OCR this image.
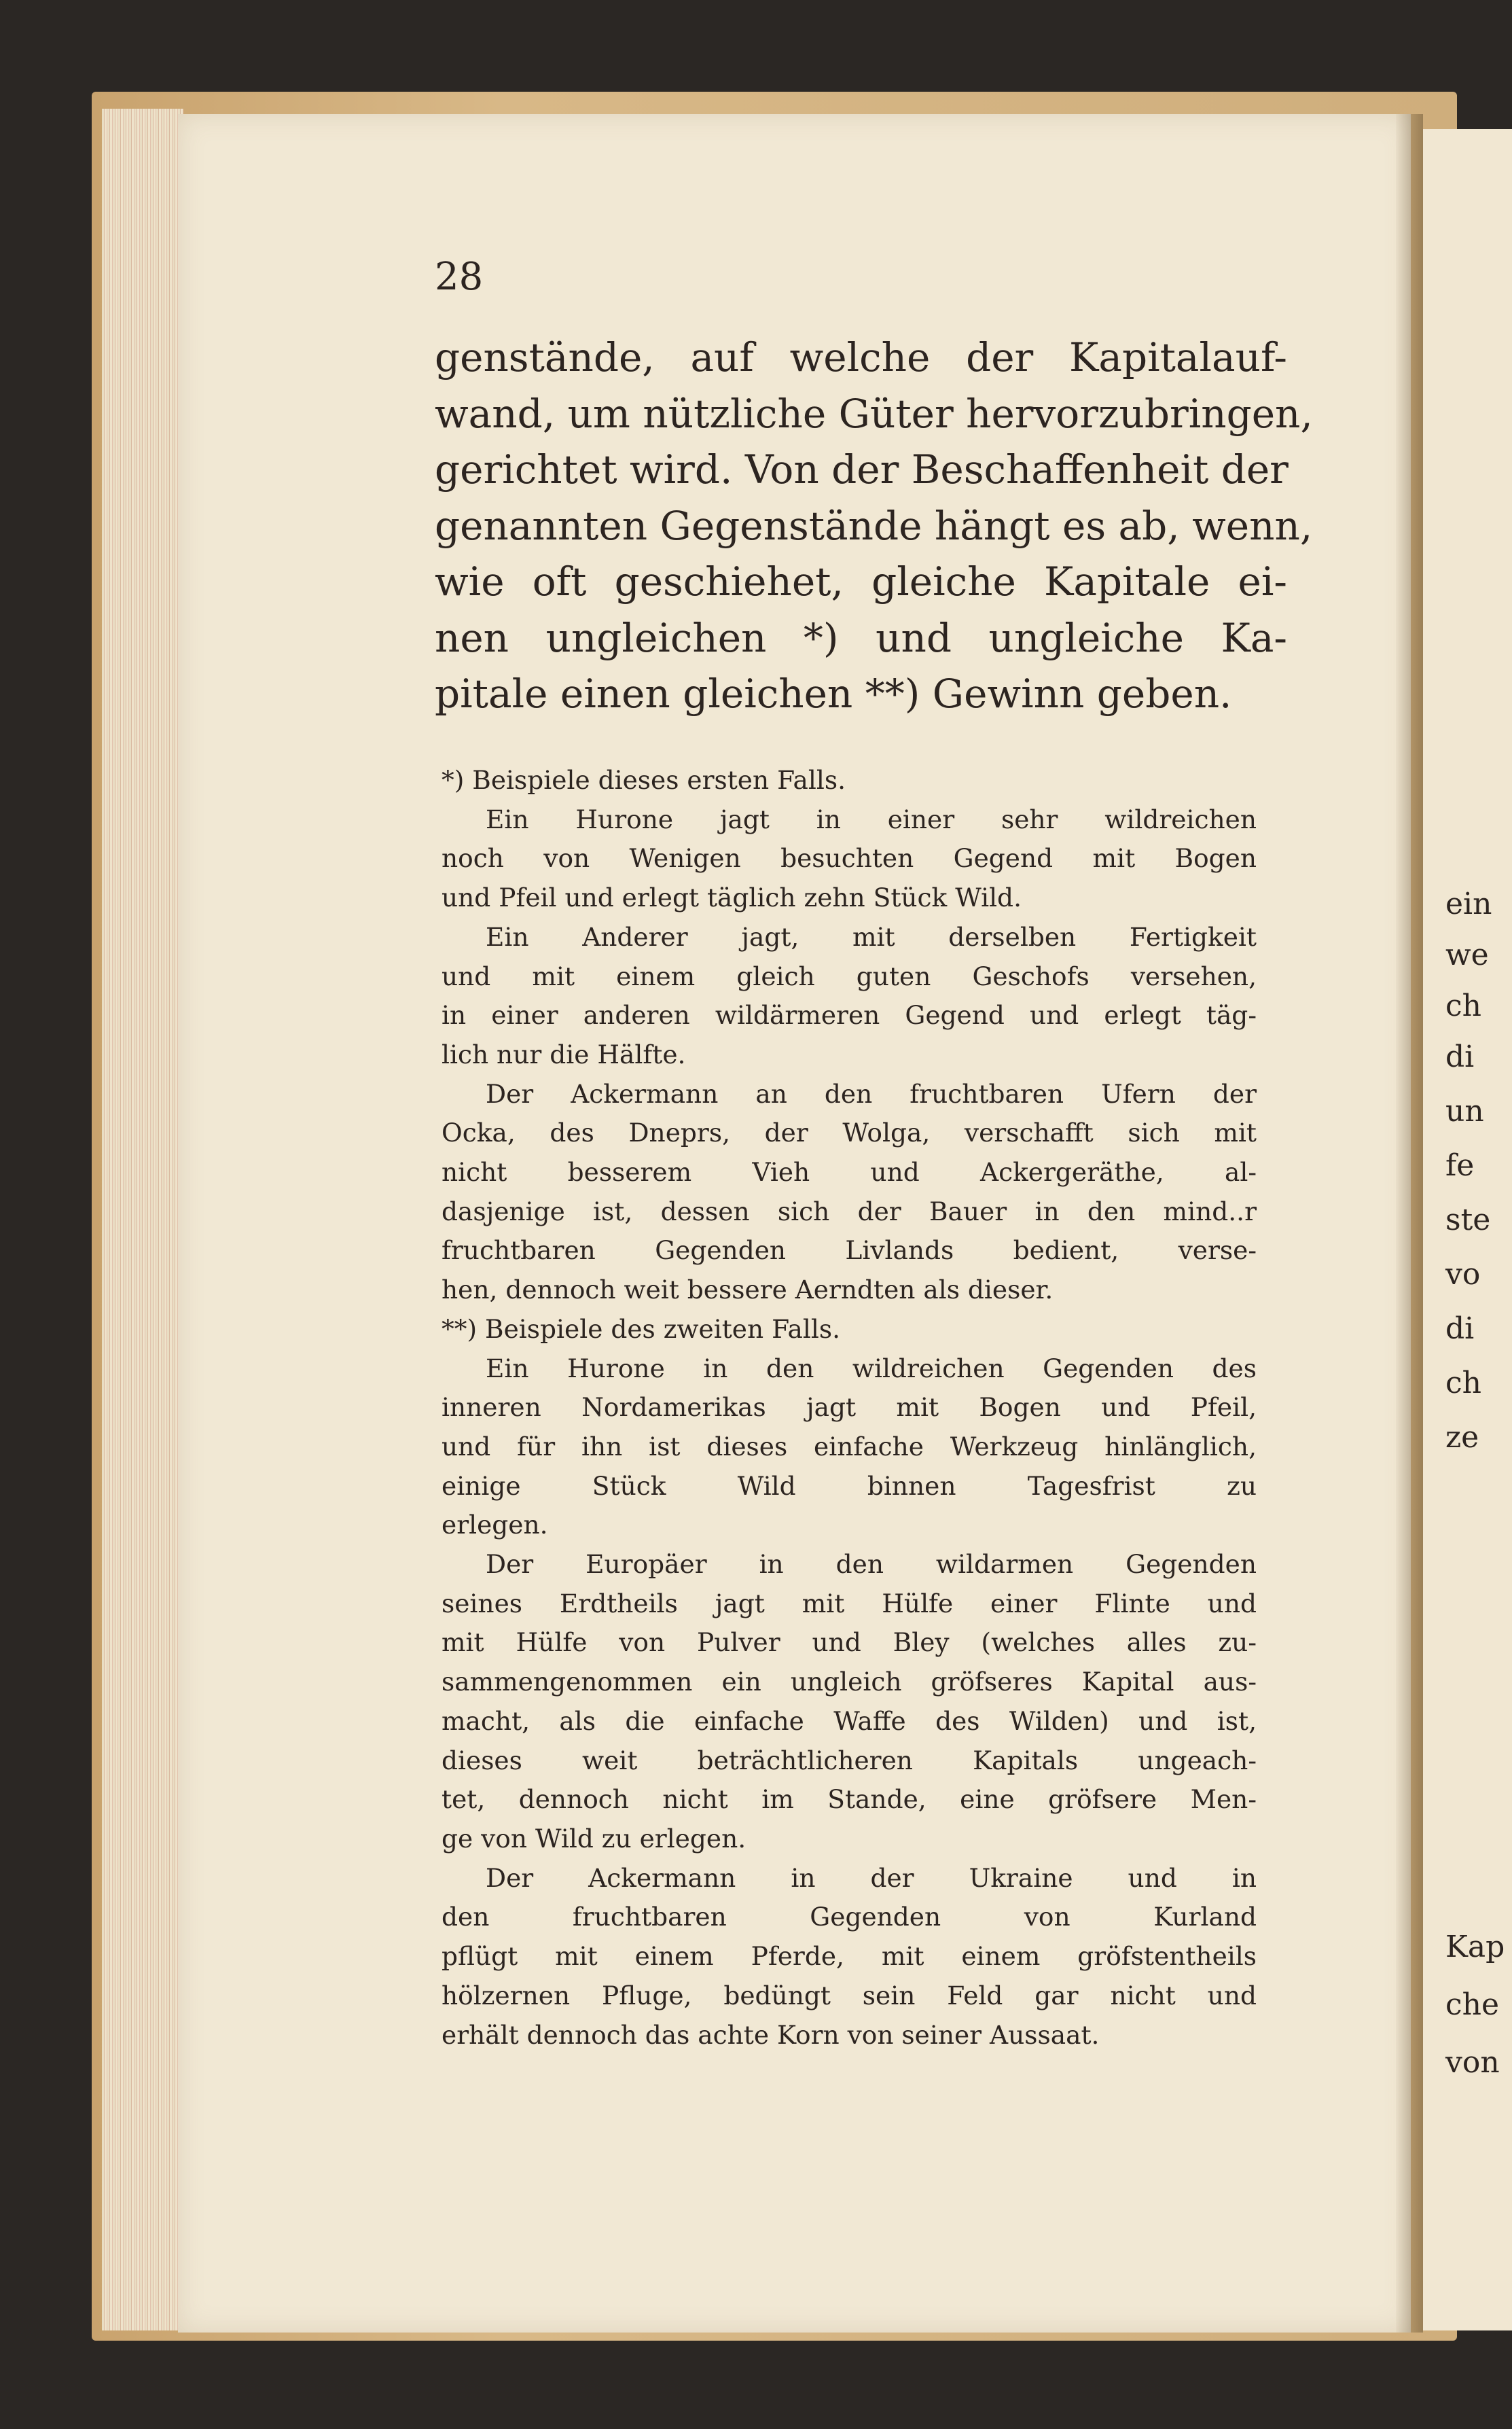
28
genstände, auf welche der Kapitalauf-
wand, um nützliche Güter hervorzubringen,
gerichtet wird. Von der Beschaffenheit der
genannten Gegenstände hängt es ab, wenn,
wie oft geschiehet, gleiche Kapitale ei-
nen ungleichen *) und ungleiche Ka-
pitale einen gleichen **) Gewinn geben.
*) Beispiele dieses ersten Falls.
Ein Hurone jagt in einer sehr wildreichen
noch von Wenigen besuchten Gegend mit Bogen
und Pfeil und erlegt täglich zehn Stück Wild.
Ein Anderer jagt, mit derselben Fertigkeit
und mit einem gleich guten Geschofs versehen,
in einer anderen wildärmeren Gegend und erlegt täg-
lich nur die Hälfte.
Der Ackermann an den fruchtbaren Ufern der
Ocka, des Dneprs, der Wolga, verschafft sich mit
nicht besserem Vieh und Ackergeräthe, al-
dasjenige ist, dessen sich der Bauer in den mind..r
fruchtbaren Gegenden Livlands bedient, verse-
hen, dennoch weit bessere Aerndten als dieser.
**) Beispiele des zweiten Falls.
Ein Hurone in den wildreichen Gegenden des
inneren Nordamerikas jagt mit Bogen und Pfeil,
und für ihn ist dieses einfache Werkzeug hinlänglich,
einige Stück Wild binnen Tagesfrist zu
erlegen.
Der Europäer in den wildarmen Gegenden
seines Erdtheils jagt mit Hülfe einer Flinte und
mit Hülfe von Pulver und Bley (welches alles zu-
sammengenommen ein ungleich gröfseres Kapital aus-
macht, als die einfache Waffe des Wilden) und ist,
dieses weit beträchtlicheren Kapitals ungeach-
tet, dennoch nicht im Stande, eine gröfsere Men-
ge von Wild zu erlegen.
Der Ackermann in der Ukraine und in
den fruchtbaren Gegenden von Kurland
pflügt mit einem Pferde, mit einem gröfstentheils
hölzernen Pfluge, bedüngt sein Feld gar nicht und
erhält dennoch das achte Korn von seiner Aussaat.
ein
we
ch
di
un
fe
ste
vo
di
ch
ze
Kap
che
von
